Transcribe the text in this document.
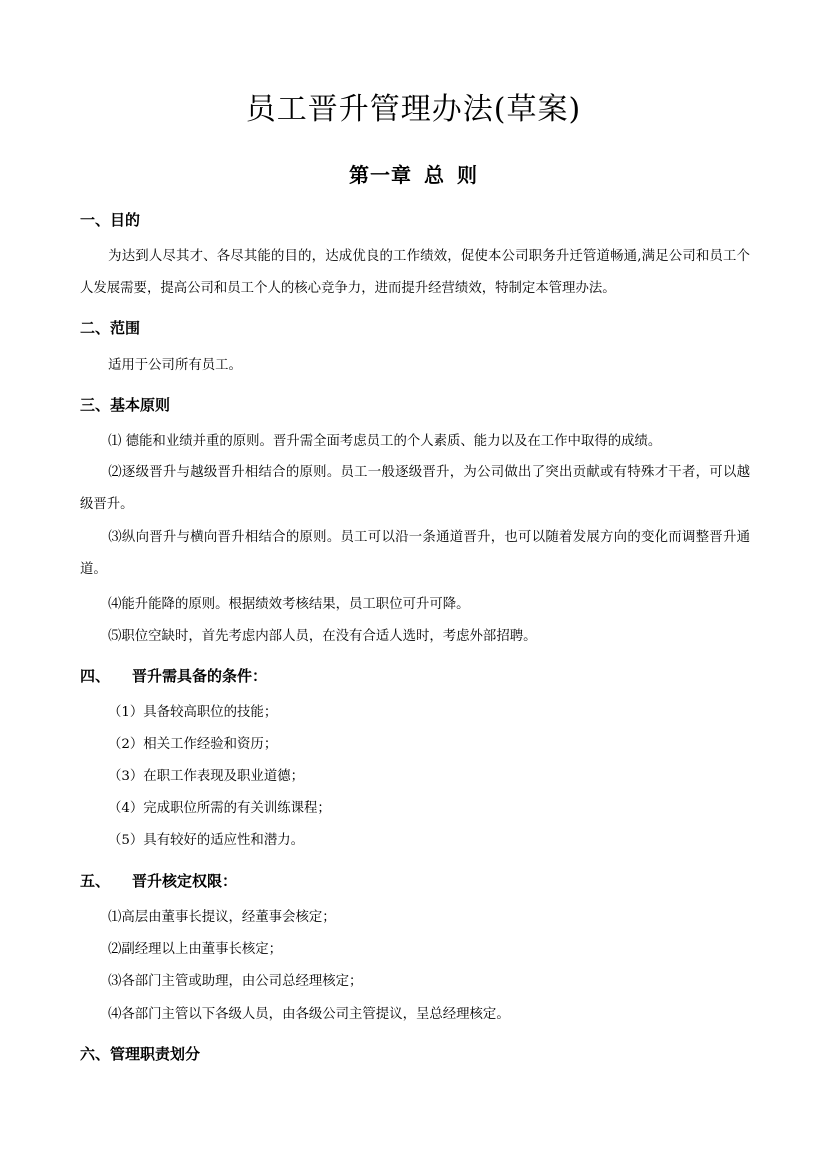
员工晋升管理办法(草案)
第一章 总 则
一、目的
为达到人尽其才、各尽其能的目的，达成优良的工作绩效，促使本公司职务升迁管道畅通,满足公司和员工个人发展需要，提高公司和员工个人的核心竞争力，进而提升经营绩效，特制定本管理办法。
二、范围
适用于公司所有员工。
三、基本原则
⑴ 德能和业绩并重的原则。晋升需全面考虑员工的个人素质、能力以及在工作中取得的成绩。
⑵逐级晋升与越级晋升相结合的原则。员工一般逐级晋升，为公司做出了突出贡献或有特殊才干者，可以越级晋升。
⑶纵向晋升与横向晋升相结合的原则。员工可以沿一条通道晋升，也可以随着发展方向的变化而调整晋升通道。
⑷能升能降的原则。根据绩效考核结果，员工职位可升可降。
⑸职位空缺时，首先考虑内部人员，在没有合适人选时，考虑外部招聘。
四、 晋升需具备的条件：
（1）具备较高职位的技能；
（2）相关工作经验和资历；
（3）在职工作表现及职业道德；
（4）完成职位所需的有关训练课程；
（5）具有较好的适应性和潜力。
五、 晋升核定权限：
⑴高层由董事长提议，经董事会核定；
⑵副经理以上由董事长核定；
⑶各部门主管或助理，由公司总经理核定；
⑷各部门主管以下各级人员，由各级公司主管提议，呈总经理核定。
六、管理职责划分
